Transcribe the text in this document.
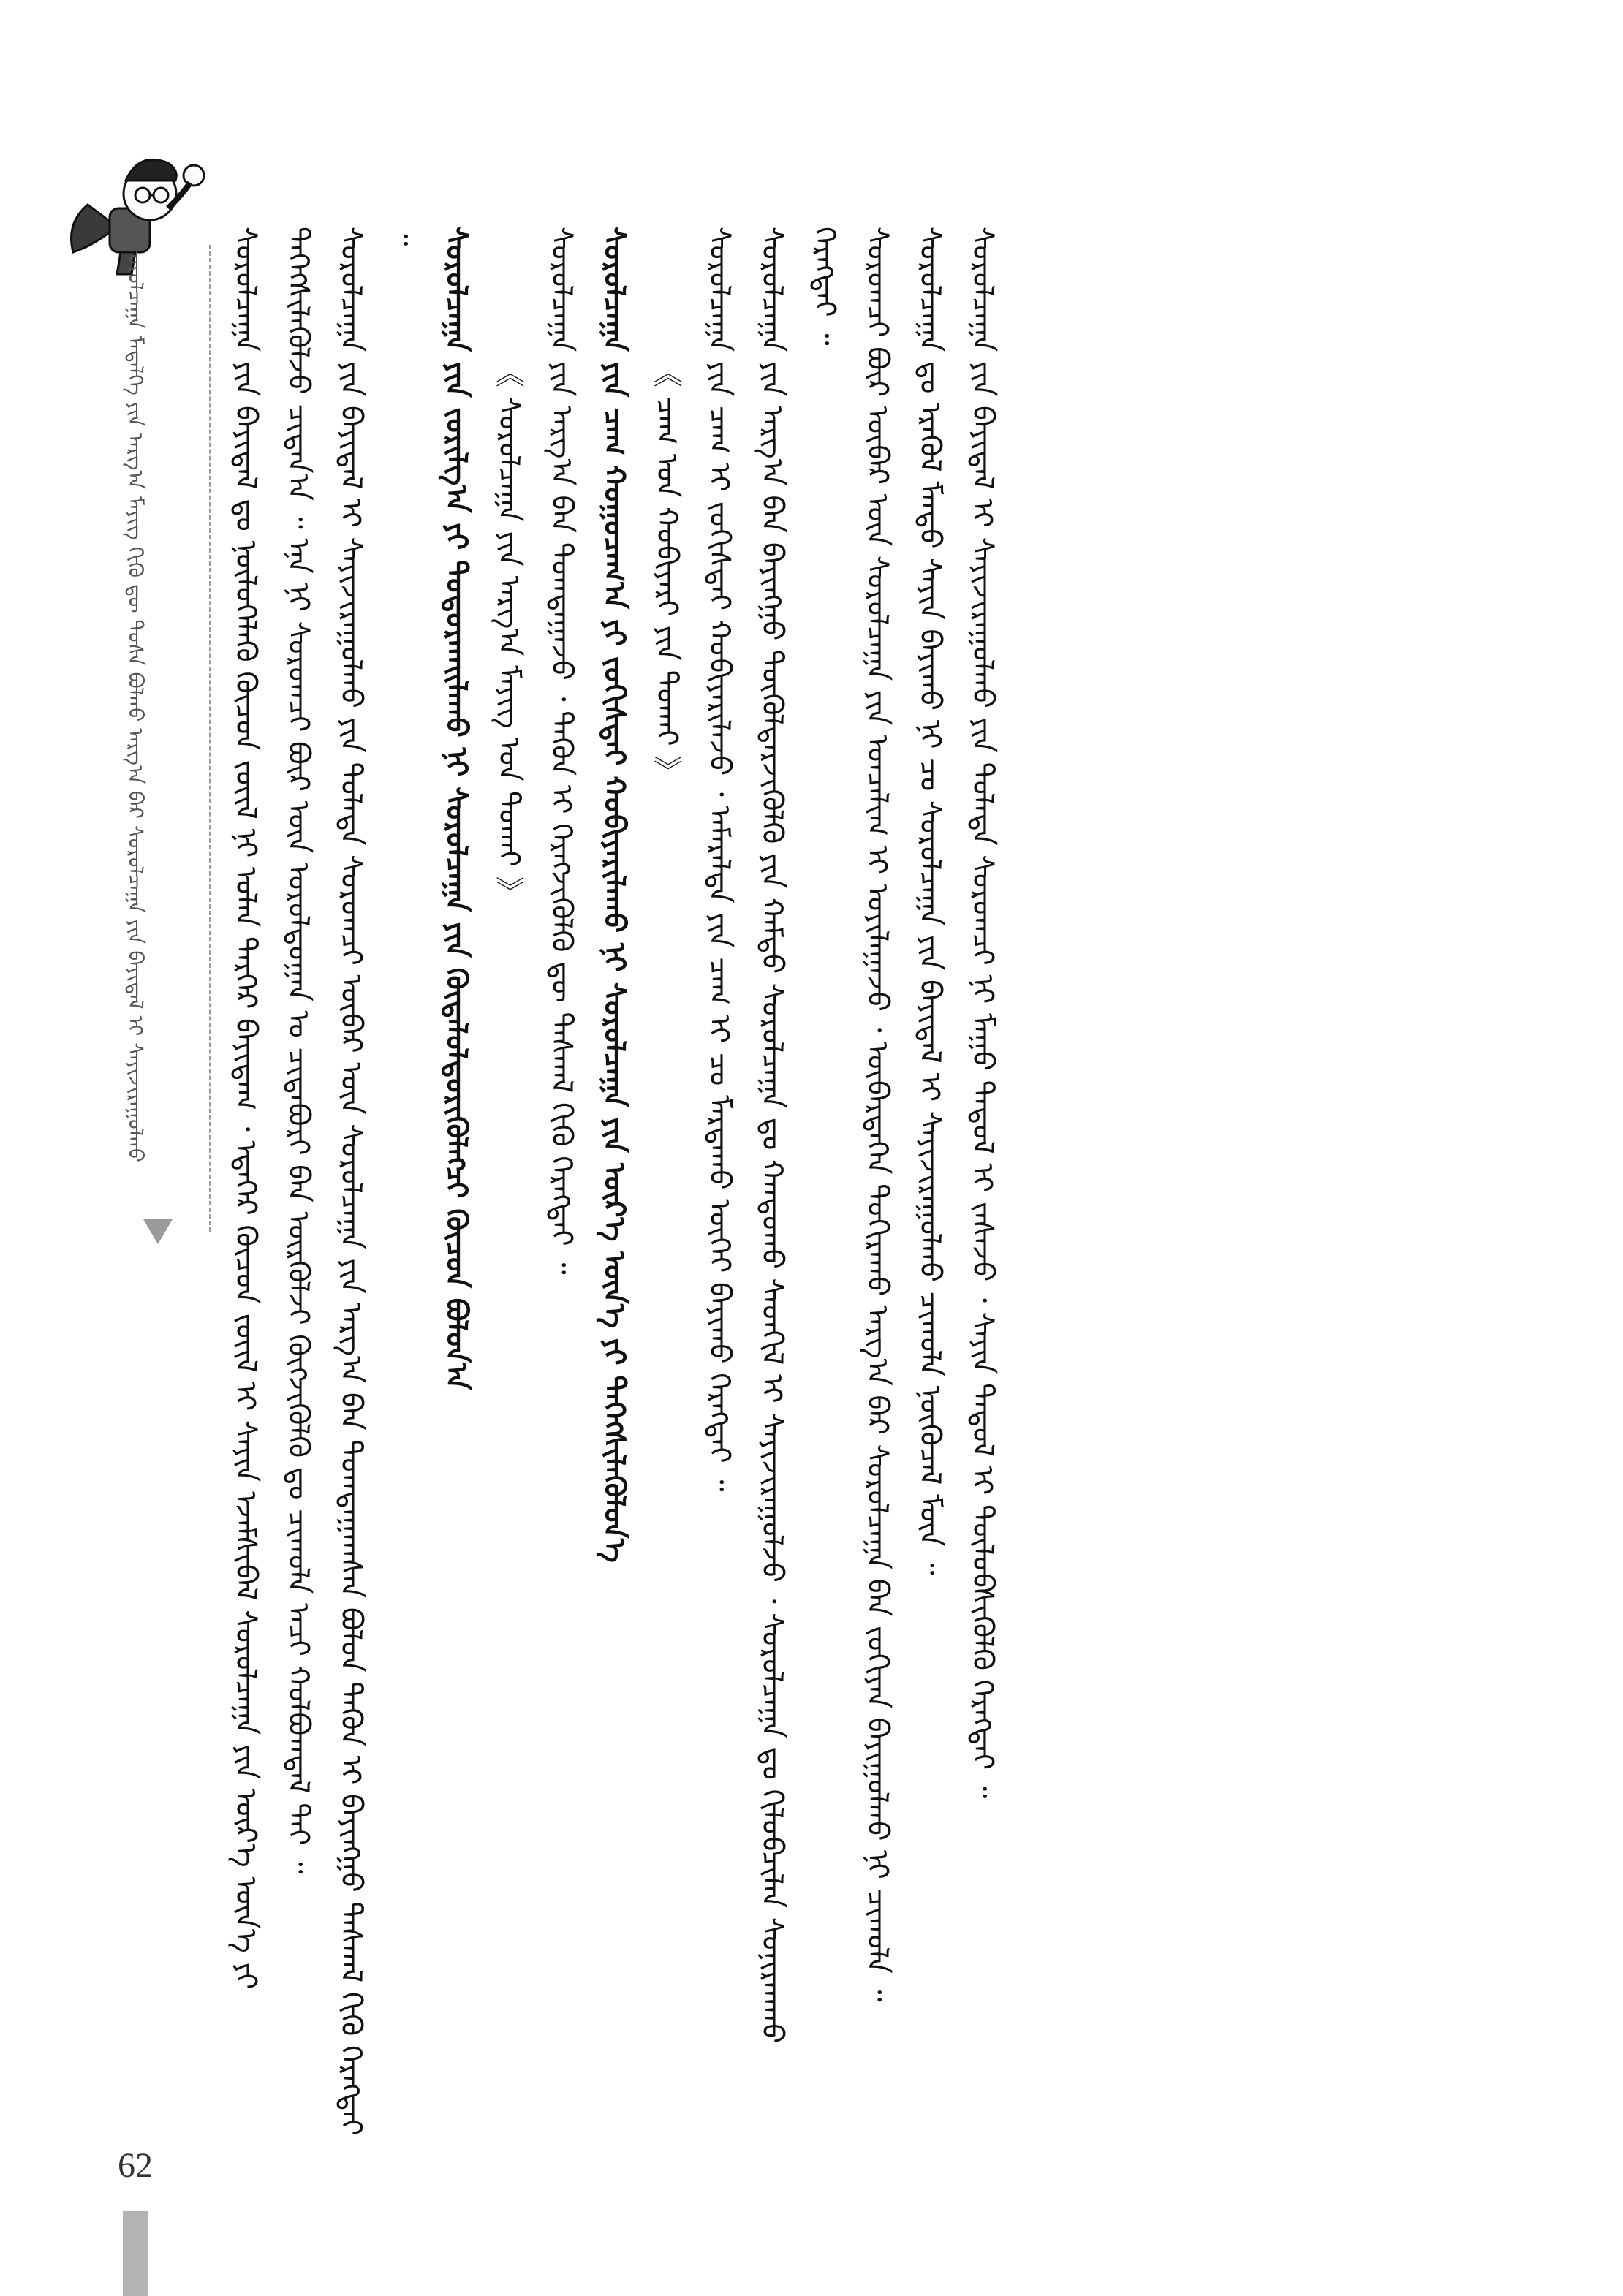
ᠰᠤᠷᠤᠯᠴᠠᠭᠠ ᠮᠡᠳᠡᠯᠭᠡ ᠶᠢᠨ ᠠᠷᠭ᠎ᠠ ᠮᠠᠶᠢᠭ᠌ ᠬᠢᠬᠦ ᠳᠦ ᠲᠤᠰᠠ ᠪᠣᠯᠬᠤ ᠠᠷᠭ᠎ᠠ ᠪᠠᠷ ᠰᠤᠷᠤᠯᠴᠠᠭᠠ ᠶᠢᠨ ᠪᠠᠶᠢᠳᠠᠯ ᠢ ᠰᠠᠶᠢᠵᠢᠷᠠᠭᠤᠯᠬᠤ	ᠰᠤᠷᠤᠯᠴᠠᠭᠠ ᠶᠢᠨ ᠪᠠᠶᠢᠳᠠᠯ ᠳᠤ ᠨᠥᠯᠦᠭᠡᠯᠡᠬᠦ ᠬᠦᠴᠦᠨ ᠵᠦᠢᠯ ᠨᠢ ᠣᠯᠠᠨ ᠲᠡᠷᠭᠡᠷ ᠪᠠᠶᠢᠳᠠᠭ ᠂ ᠡᠳᠡᠭᠡᠷ ᠬᠦᠴᠦᠨ ᠵᠦᠢᠯ ᠢ ᠰᠠᠶᠢᠨ ᠡᠵᠡᠮᠰᠢᠪᠡᠯ ᠰᠤᠷᠤᠯᠴᠠᠭᠠ ᠶᠢᠨ ᠦᠷ᠎ᠡ ᠦᠨ᠎ᠡ ᠶᠢ ᠳᠡᠭᠡᠭᠰᠢᠯᠡᠭᠦᠯᠵᠦ ᠴᠢᠳᠠᠨ᠎ᠠ ᠃ ᠡᠨᠡ ᠨᠢ ᠰᠤᠷᠤᠭᠴᠢ ᠪᠦᠷ ᠦᠨ ᠤᠷᠤᠯᠳᠤᠭᠠᠨ ᠤ ᠴᠢᠳᠠᠪᠤᠷᠢ ᠪᠠᠨ ᠦᠷᠭᠦᠯᠵᠢ ᠬᠥᠭᠵᠢᠭᠦᠯᠬᠦ ᠳᠤ ᠴᠢᠬᠤᠯᠠ ᠠᠴᠢ ᠬᠣᠯᠪᠣᠭᠳᠠᠯ ᠲᠠᠢ ᠃ ᠰᠤᠷᠤᠯᠴᠠᠭᠠ ᠶᠢᠨ ᠪᠠᠶᠢᠳᠠᠯ ᠢ ᠰᠠᠶᠢᠵᠢᠷᠠᠭᠤᠯᠬᠤ ᠶᠢᠨ ᠲᠤᠯᠠᠳᠠ ᠰᠤᠷᠤᠭᠴᠢ ᠥᠪᠡᠷ ᠦᠨ ᠰᠤᠷᠤᠯᠴᠠᠭᠠ ᠶᠢᠨ ᠠᠷᠭ᠎ᠠ ᠪᠠᠨ ᠲᠣᠭᠲᠠᠭᠠᠭᠰᠠᠨ ᠪᠣᠯᠤᠨ ᠲᠡᠭᠦᠨ ᠢ ᠪᠠᠶᠢᠩᠭᠤ ᠳᠠᠰᠬᠠᠯ ᠬᠢᠬᠦ ᠬᠡᠷᠡᠭᠲᠡᠢ ᠃ ᠰᠤᠷᠤᠯᠴᠠᠭᠠ ᠶᠢᠨ ᠵᠣᠷᠢᠯᠭ᠎ᠠ ᠶᠢ ᠲᠣᠳᠤᠷᠬᠠᠢᠯᠠᠬᠤ ᠨᠢ ᠰᠤᠷᠤᠯᠴᠠᠭᠠ ᠶᠢᠨ ᠬᠥᠳᠡᠯᠦᠯᠳᠦᠷᠢᠬᠦᠯᠡᠭᠴᠢ ᠬᠦᠴᠦᠨ ᠪᠣᠯᠤᠨ᠎ᠠ 《 ᠰᠤᠷᠤᠯᠴᠠᠭᠠ ᠶᠢᠨ ᠠᠷᠭ᠎ᠠ ᠮᠠᠶᠢᠭ᠌ ᠤᠨ ᠲᠤᠬᠠᠢ 》 ᠰᠤᠷᠤᠯᠴᠠᠭᠠ ᠶᠢᠨ ᠠᠷᠭ᠎ᠠ ᠪᠠᠨ ᠲᠣᠭᠲᠠᠭᠠᠵᠤ ᠂ ᠲᠡᠭᠦᠨ ᠢ ᠬᠡᠷᠡᠭᠵᠢᠭᠦᠯᠬᠦ ᠳᠦ ᠳᠠᠰᠬᠠᠯ ᠬᠢᠬᠦ ᠬᠡᠷᠡᠭᠲᠡᠢ ᠃ ᠰᠤᠷᠤᠯᠴᠠᠭᠠ ᠶᠢᠨ ᠴᠠᠭ ᠬᠤᠭᠤᠴᠠᠭ᠎ᠠ ᠶᠢ ᠵᠣᠬᠢᠰᠲᠠᠢ ᠬᠤᠪᠢᠶᠠᠷᠢᠯᠠᠬᠤ ᠨᠢ ᠰᠤᠷᠤᠯᠴᠠᠭᠠ ᠶᠢᠨ ᠦᠷ᠎ᠡ ᠦᠨ᠎ᠡ ᠶᠢ ᠳᠡᠭᠡᠭᠰᠢᠯᠡᠭᠦᠯᠦᠨ᠎ᠡ 《 ᠴᠠᠭ ᠤᠨ ᠬᠤᠪᠢᠶᠠᠷᠢ ᠶᠢᠨ ᠲᠤᠬᠠᠢ 》 ᠰᠤᠷᠤᠯᠴᠠᠭᠠ ᠶᠢᠨ ᠴᠠᠭ ᠢ ᠵᠣᠬᠢᠰᠲᠠᠢ ᠬᠤᠪᠢᠶᠠᠷᠢᠯᠠᠵᠤ ᠂ ᠠᠮᠠᠷᠠᠯᠲᠠ ᠶᠢᠨ ᠴᠠᠭ ᠢ ᠴᠤ ᠮᠠᠷᠲᠠᠬᠤ ᠦᠭᠡᠢ ᠪᠠᠶᠢᠬᠤ ᠬᠡᠷᠡᠭᠲᠡᠢ ᠃ ᠰᠤᠷᠤᠯᠴᠠᠭᠠ ᠶᠢᠨ ᠠᠷᠭ᠎ᠠ ᠪᠠᠨ ᠪᠠᠶᠢᠩᠭᠤ ᠲᠥᠭᠦᠯᠳᠡᠷᠵᠢᠭᠦᠯᠬᠦ ᠶᠢᠨ ᠬᠠᠮᠲᠤ ᠰᠤᠷᠤᠯᠴᠠᠭᠠ ᠳᠤ ᠬᠠᠨᠳᠤᠬᠤ ᠰᠡᠳᠬᠢᠯ ᠢ ᠰᠠᠶᠢᠵᠢᠷᠠᠭᠤᠯᠵᠤ ᠂ ᠰᠤᠷᠤᠯᠴᠠᠭᠠ ᠳᠤ ᠬᠢᠯᠦᠪᠴᠢᠯᠡᠨ ᠰᠣᠨᠢᠷᠬᠠᠬᠤ ᠬᠡᠷᠡᠭᠲᠡᠢ ᠃ ᠰᠤᠷᠤᠭᠴᠢ ᠪᠦᠷ ᠥᠪᠡᠷ ᠦᠨ ᠰᠤᠷᠤᠯᠴᠠᠭᠠ ᠶᠢᠨ ᠣᠨᠴᠠᠯᠢᠭ ᠢ ᠣᠶᠢᠯᠠᠭᠠᠵᠤ ᠂ ᠥᠪᠡᠷᠲᠡᠭᠡᠨ ᠲᠣᠬᠢᠷᠠᠬᠤ ᠠᠷᠭ᠎ᠠ ᠪᠠᠷ ᠰᠤᠷᠤᠯᠴᠠᠭᠠ ᠪᠠᠨ ᠵᠣᠬᠢᠶᠠᠨ ᠪᠠᠶᠢᠭᠤᠯᠬᠤ ᠨᠢ ᠴᠢᠬᠤᠯᠠ ᠃ ᠰᠤᠷᠤᠯᠴᠠᠭᠠ ᠳᠤ ᠡᠷᠡᠭᠦᠯ ᠮᠡᠨᠳᠦ ᠰᠠᠶᠢᠨ ᠪᠠᠶᠢᠬᠤ ᠨᠢ ᠴᠤ ᠰᠤᠷᠤᠯᠴᠠᠭᠠ ᠶᠢᠨ ᠪᠠᠶᠢᠳᠠᠯ ᠢ ᠰᠠᠶᠢᠵᠢᠷᠠᠭᠤᠯᠬᠤ ᠴᠢᠬᠤᠯᠠ ᠨᠥᠬᠦᠴᠡᠯ ᠮᠥᠨ ᠃ ᠰᠤᠷᠤᠯᠴᠠᠭᠠ ᠶᠢᠨ ᠪᠠᠶᠢᠳᠠᠯ ᠢ ᠰᠠᠶᠢᠵᠢᠷᠠᠭᠤᠯᠬᠤ ᠶᠢᠨ ᠲᠤᠯᠠᠳᠠ ᠰᠤᠷᠤᠭᠴᠢ ᠨᠢ ᠮᠠᠭᠤ ᠳᠠᠳᠤᠯ ᠢ ᠵᠠᠰᠠᠵᠤ ᠂ ᠰᠠᠶᠢᠨ ᠳᠠᠳᠤᠯ ᠢ ᠲᠥᠯᠦᠪᠰᠢᠭᠦᠯᠬᠦ ᠬᠡᠷᠡᠭᠲᠡᠢ ᠃

62
